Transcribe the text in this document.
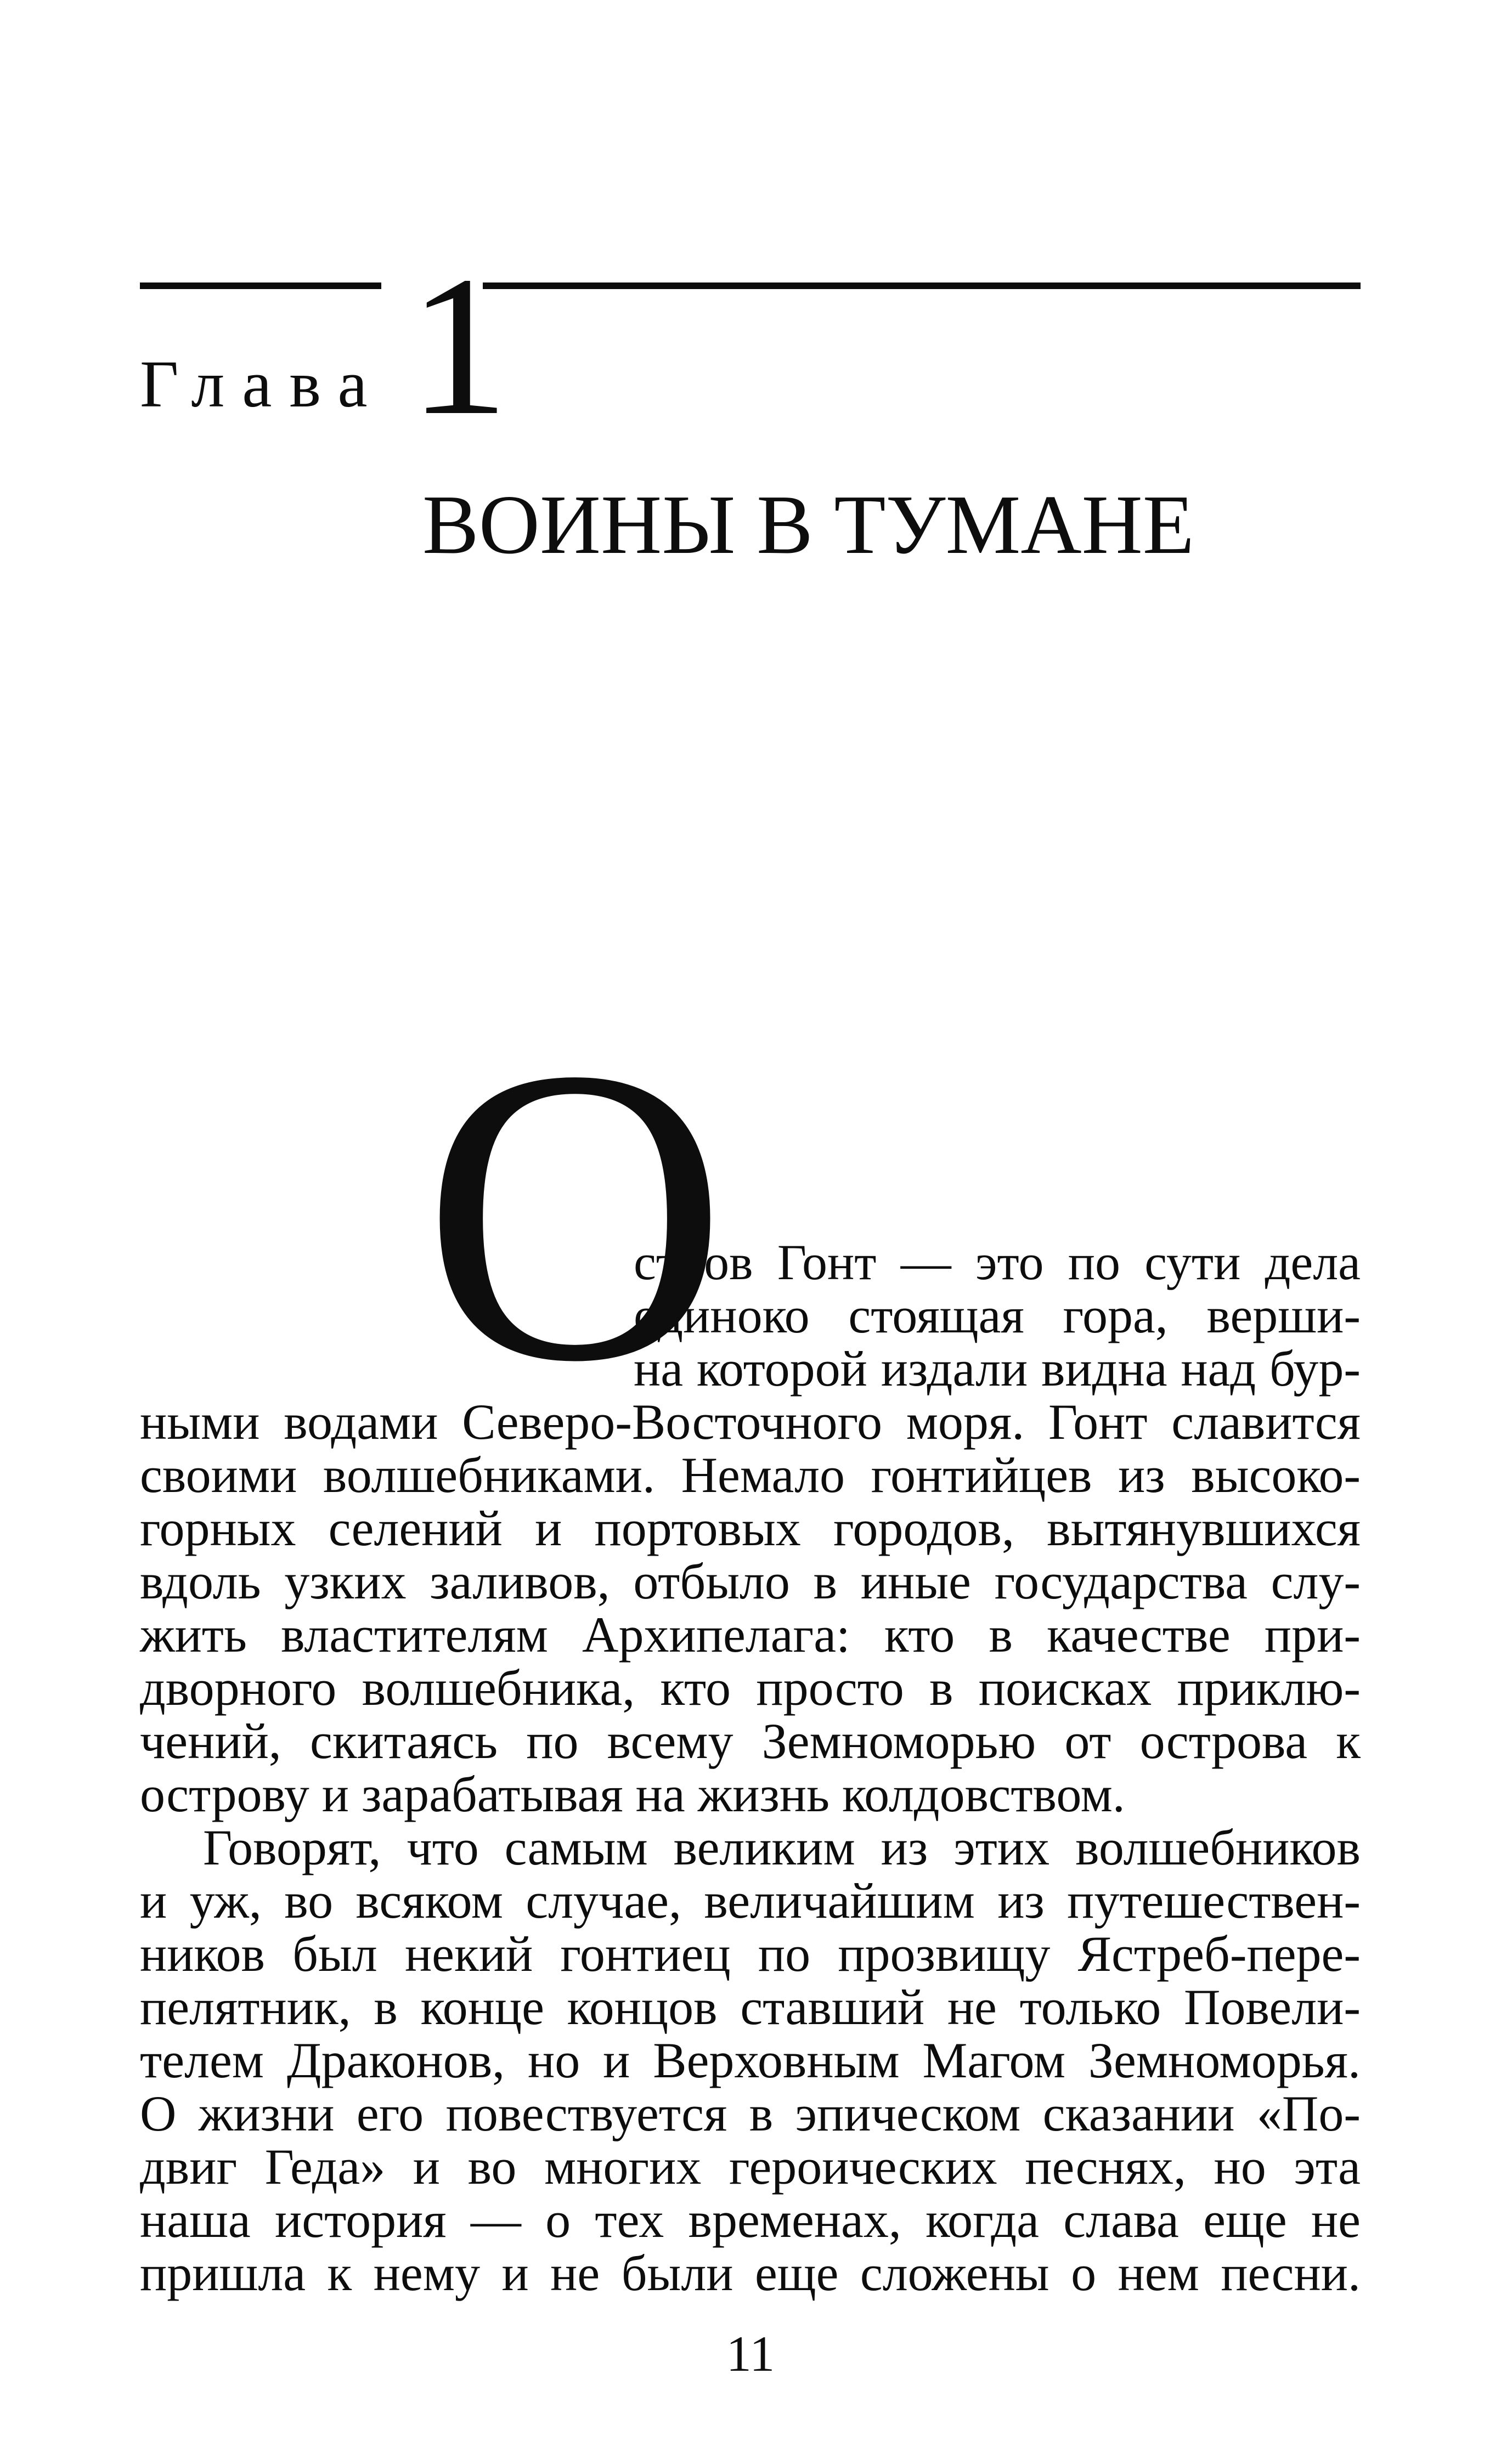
Глава 1
ВОИНЫ В ТУМАНЕ
О
стров Гонт — это по сути дела
одиноко стоящая гора, верши-
на которой издали видна над бур-
ными водами Северо-Восточного моря. Гонт славится
своими волшебниками. Немало гонтийцев из высоко-
горных селений и портовых городов, вытянувшихся
вдоль узких заливов, отбыло в иные государства слу-
жить властителям Архипелага: кто в качестве при-
дворного волшебника, кто просто в поисках приклю-
чений, скитаясь по всему Земноморью от острова к
острову и зарабатывая на жизнь колдовством.
Говорят, что самым великим из этих волшебников
и уж, во всяком случае, величайшим из путешествен-
ников был некий гонтиец по прозвищу Ястреб-пере-
пелятник, в конце концов ставший не только Повели-
телем Драконов, но и Верховным Магом Земноморья.
О жизни его повествуется в эпическом сказании «По-
двиг Геда» и во многих героических песнях, но эта
наша история — о тех временах, когда слава еще не
пришла к нему и не были еще сложены о нем песни.
11
